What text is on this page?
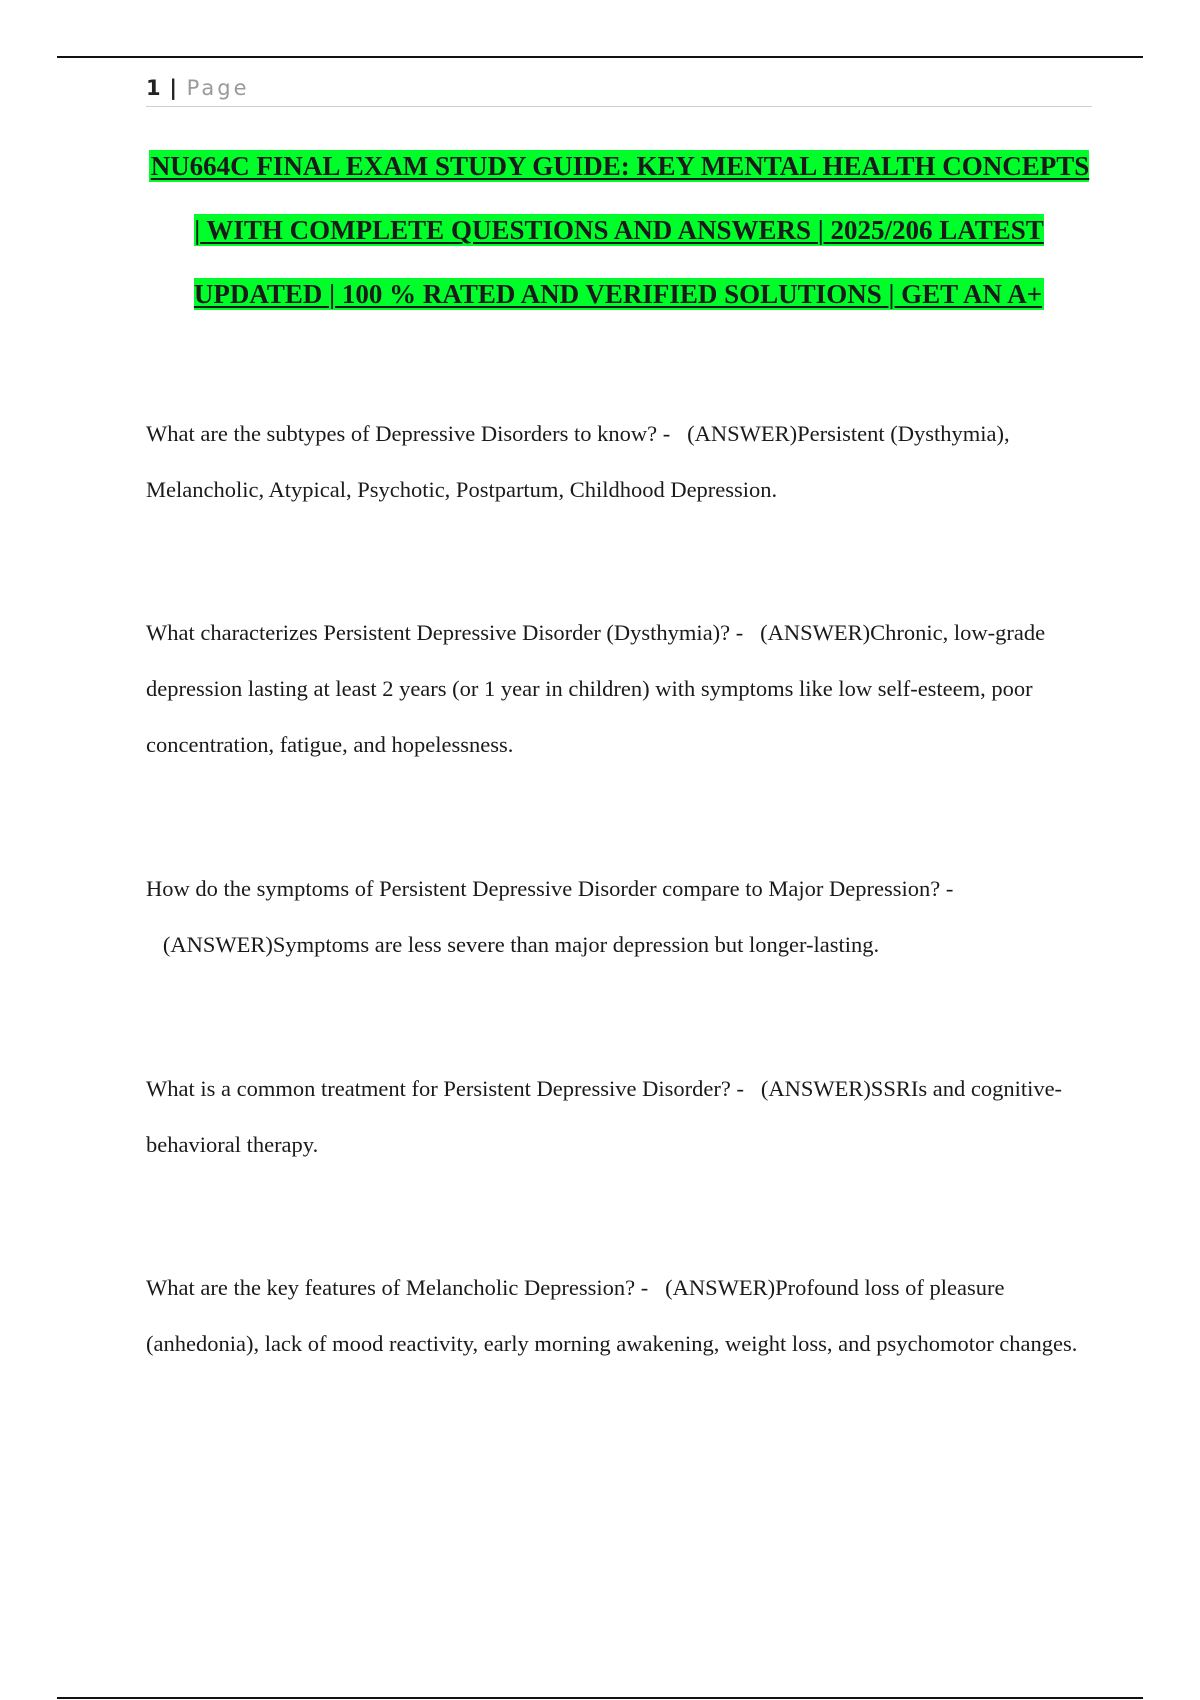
1 | Page
NU664C FINAL EXAM STUDY GUIDE: KEY MENTAL HEALTH CONCEPTS | WITH COMPLETE QUESTIONS AND ANSWERS | 2025/206 LATEST UPDATED | 100 % RATED AND VERIFIED SOLUTIONS | GET AN A+

What are the subtypes of Depressive Disorders to know? - (ANSWER)Persistent (Dysthymia), Melancholic, Atypical, Psychotic, Postpartum, Childhood Depression.

What characterizes Persistent Depressive Disorder (Dysthymia)? - (ANSWER)Chronic, low-grade depression lasting at least 2 years (or 1 year in children) with symptoms like low self-esteem, poor concentration, fatigue, and hopelessness.

How do the symptoms of Persistent Depressive Disorder compare to Major Depression? -   (ANSWER)Symptoms are less severe than major depression but longer-lasting.

What is a common treatment for Persistent Depressive Disorder? - (ANSWER)SSRIs and cognitive-behavioral therapy.

What are the key features of Melancholic Depression? - (ANSWER)Profound loss of pleasure (anhedonia), lack of mood reactivity, early morning awakening, weight loss, and psychomotor changes.
